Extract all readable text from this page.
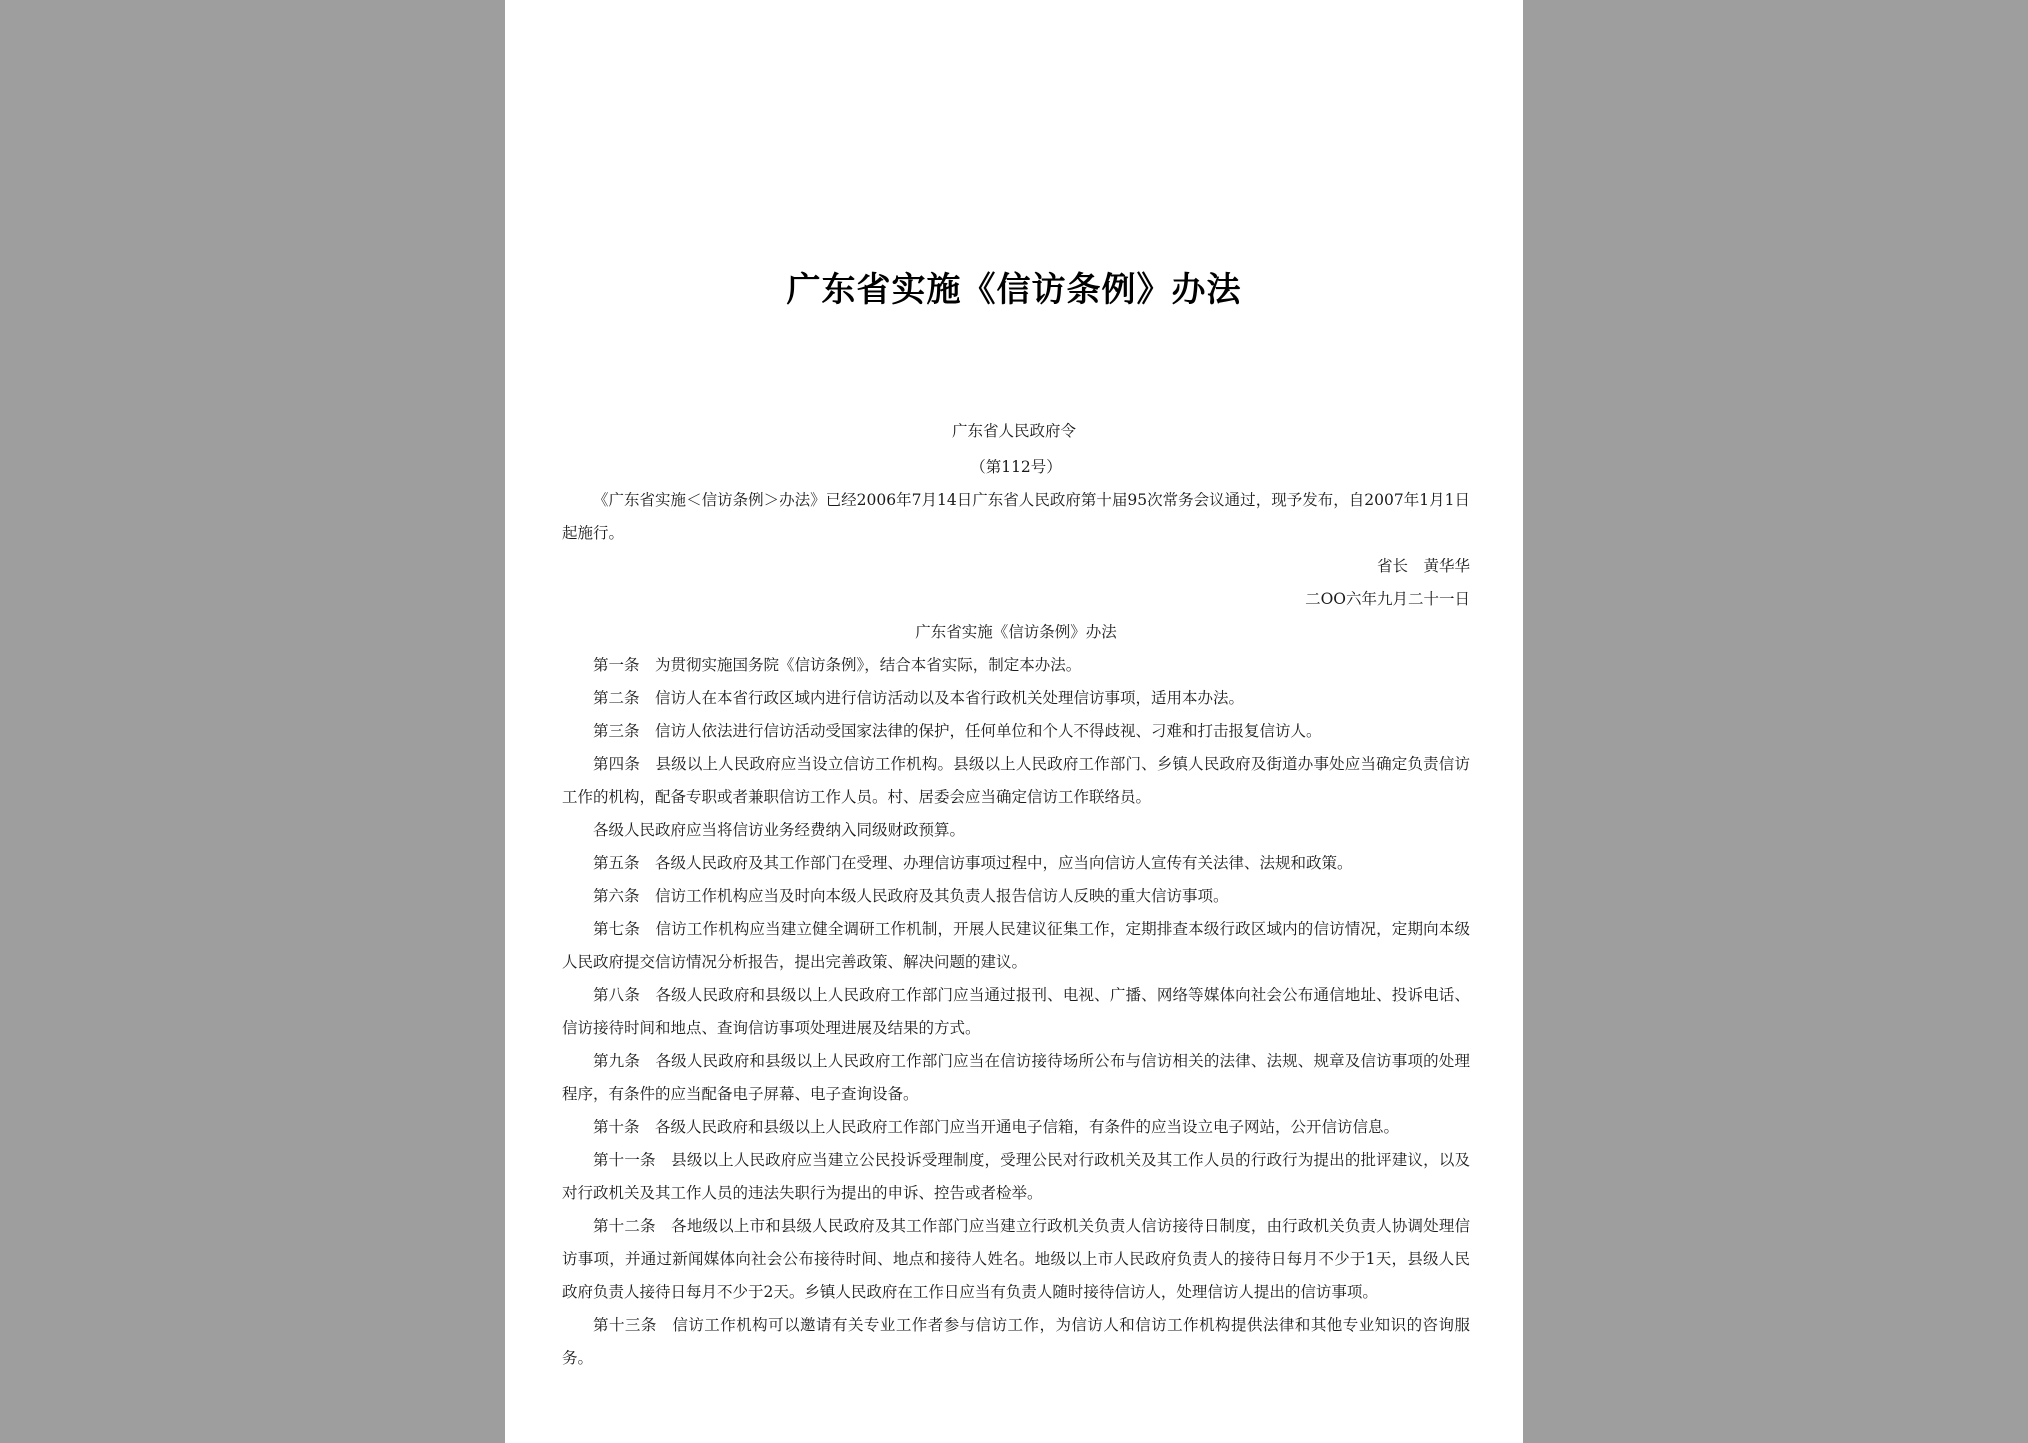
广东省实施《信访条例》办法
广东省人民政府令

（第112号）

《广东省实施＜信访条例＞办法》已经2006年7月14日广东省人民政府第十届95次常务会议通过，现予发布，自2007年1月1日起施行。

省长　黄华华

二OO六年九月二十一日

广东省实施《信访条例》办法

第一条 为贯彻实施国务院《信访条例》，结合本省实际，制定本办法。

第二条 信访人在本省行政区域内进行信访活动以及本省行政机关处理信访事项，适用本办法。

第三条 信访人依法进行信访活动受国家法律的保护，任何单位和个人不得歧视、刁难和打击报复信访人。

第四条 县级以上人民政府应当设立信访工作机构。县级以上人民政府工作部门、乡镇人民政府及街道办事处应当确定负责信访工作的机构，配备专职或者兼职信访工作人员。村、居委会应当确定信访工作联络员。

各级人民政府应当将信访业务经费纳入同级财政预算。

第五条 各级人民政府及其工作部门在受理、办理信访事项过程中，应当向信访人宣传有关法律、法规和政策。

第六条 信访工作机构应当及时向本级人民政府及其负责人报告信访人反映的重大信访事项。

第七条 信访工作机构应当建立健全调研工作机制，开展人民建议征集工作，定期排查本级行政区域内的信访情况，定期向本级人民政府提交信访情况分析报告，提出完善政策、解决问题的建议。

第八条 各级人民政府和县级以上人民政府工作部门应当通过报刊、电视、广播、网络等媒体向社会公布通信地址、投诉电话、信访接待时间和地点、查询信访事项处理进展及结果的方式。

第九条 各级人民政府和县级以上人民政府工作部门应当在信访接待场所公布与信访相关的法律、法规、规章及信访事项的处理程序，有条件的应当配备电子屏幕、电子查询设备。

第十条 各级人民政府和县级以上人民政府工作部门应当开通电子信箱，有条件的应当设立电子网站，公开信访信息。

第十一条 县级以上人民政府应当建立公民投诉受理制度，受理公民对行政机关及其工作人员的行政行为提出的批评建议，以及对行政机关及其工作人员的违法失职行为提出的申诉、控告或者检举。

第十二条 各地级以上市和县级人民政府及其工作部门应当建立行政机关负责人信访接待日制度，由行政机关负责人协调处理信访事项，并通过新闻媒体向社会公布接待时间、地点和接待人姓名。地级以上市人民政府负责人的接待日每月不少于1天，县级人民政府负责人接待日每月不少于2天。乡镇人民政府在工作日应当有负责人随时接待信访人，处理信访人提出的信访事项。

第十三条 信访工作机构可以邀请有关专业工作者参与信访工作，为信访人和信访工作机构提供法律和其他专业知识的咨询服务。
